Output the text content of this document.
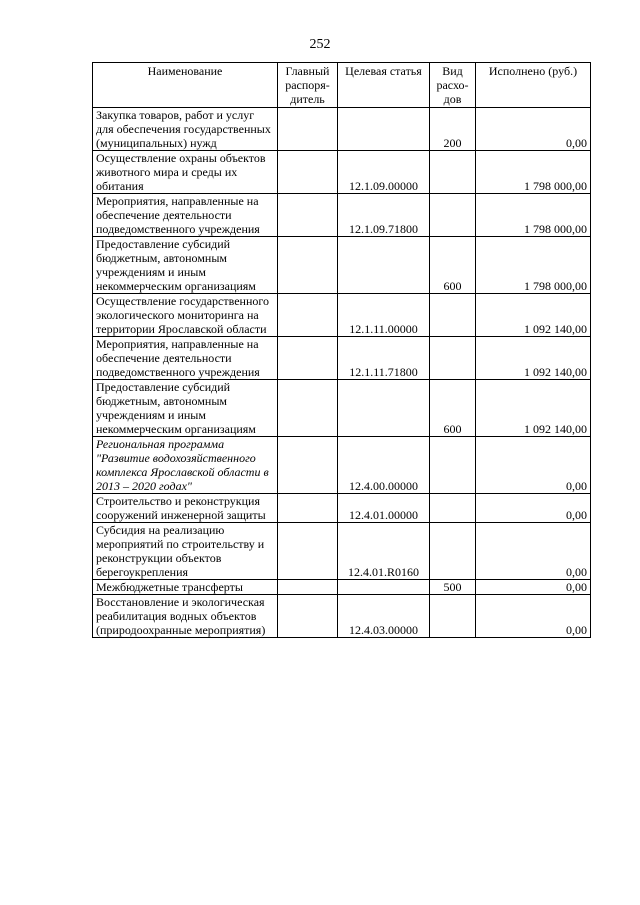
252
Наименование	Главный распоря-дитель	Целевая статья	Вид расхо-дов	Исполнено (руб.)
Закупка товаров, работ и услуг для обеспечения государственных (муниципальных) нужд			200	0,00
Осуществление охраны объектов животного мира и среды их обитания		12.1.09.00000		1 798 000,00
Мероприятия, направленные на обеспечение деятельности подведомственного учреждения		12.1.09.71800		1 798 000,00
Предоставление субсидий бюджетным, автономным учреждениям и иным некоммерческим организациям			600	1 798 000,00
Осуществление государственного экологического мониторинга на территории Ярославской области		12.1.11.00000		1 092 140,00
Мероприятия, направленные на обеспечение деятельности подведомственного учреждения		12.1.11.71800		1 092 140,00
Предоставление субсидий бюджетным, автономным учреждениям и иным некоммерческим организациям			600	1 092 140,00
Региональная программа "Развитие водохозяйственного комплекса Ярославской области в 2013 – 2020 годах"		12.4.00.00000		0,00
Строительство и реконструкция сооружений инженерной защиты		12.4.01.00000		0,00
Субсидия на реализацию мероприятий по строительству и реконструкции объектов берегоукрепления		12.4.01.R0160		0,00
Межбюджетные трансферты			500	0,00
Восстановление и экологическая реабилитация водных объектов (природоохранные мероприятия)		12.4.03.00000		0,00
